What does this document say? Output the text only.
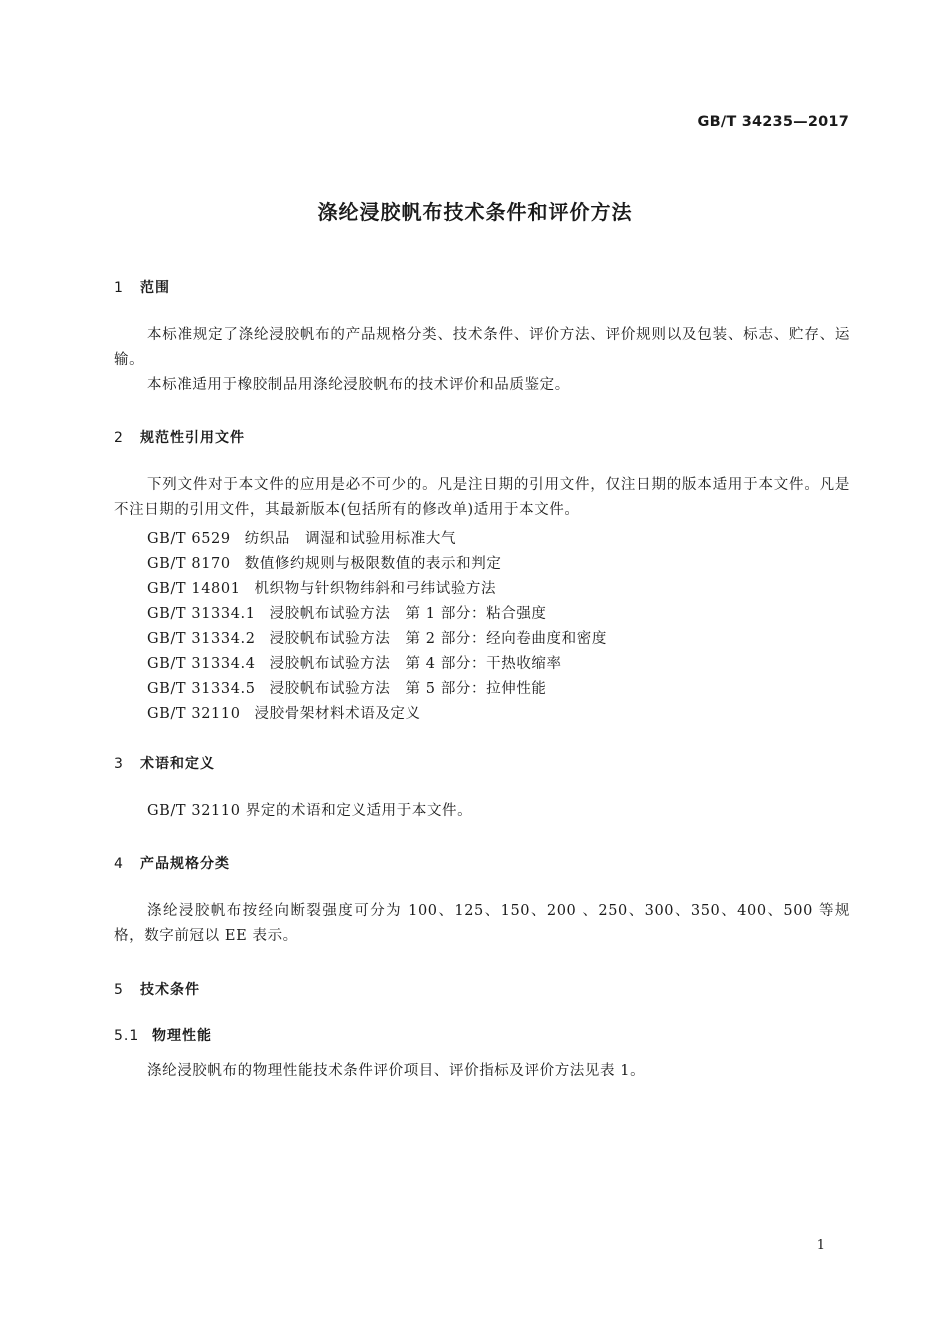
GB/T 34235—2017
涤纶浸胶帆布技术条件和评价方法
1 范围

本标准规定了涤纶浸胶帆布的产品规格分类、技术条件、评价方法、评价规则以及包装、标志、贮存、运输。

本标准适用于橡胶制品用涤纶浸胶帆布的技术评价和品质鉴定。

2 规范性引用文件

下列文件对于本文件的应用是必不可少的。凡是注日期的引用文件，仅注日期的版本适用于本文件。凡是不注日期的引用文件，其最新版本(包括所有的修改单)适用于本文件。

GB/T 6529 纺织品　调湿和试验用标准大气
GB/T 8170 数值修约规则与极限数值的表示和判定
GB/T 14801 机织物与针织物纬斜和弓纬试验方法
GB/T 31334.1 浸胶帆布试验方法　第 1 部分：粘合强度
GB/T 31334.2 浸胶帆布试验方法　第 2 部分：经向卷曲度和密度
GB/T 31334.4 浸胶帆布试验方法　第 4 部分：干热收缩率
GB/T 31334.5 浸胶帆布试验方法　第 5 部分：拉伸性能
GB/T 32110 浸胶骨架材料术语及定义
3 术语和定义

GB/T 32110 界定的术语和定义适用于本文件。

4 产品规格分类

涤纶浸胶帆布按经向断裂强度可分为 100、125、150、200 、250、300、350、400、500 等规格，数字前冠以 EE 表示。

5 技术条件
5.1 物理性能

涤纶浸胶帆布的物理性能技术条件评价项目、评价指标及评价方法见表 1。

1
